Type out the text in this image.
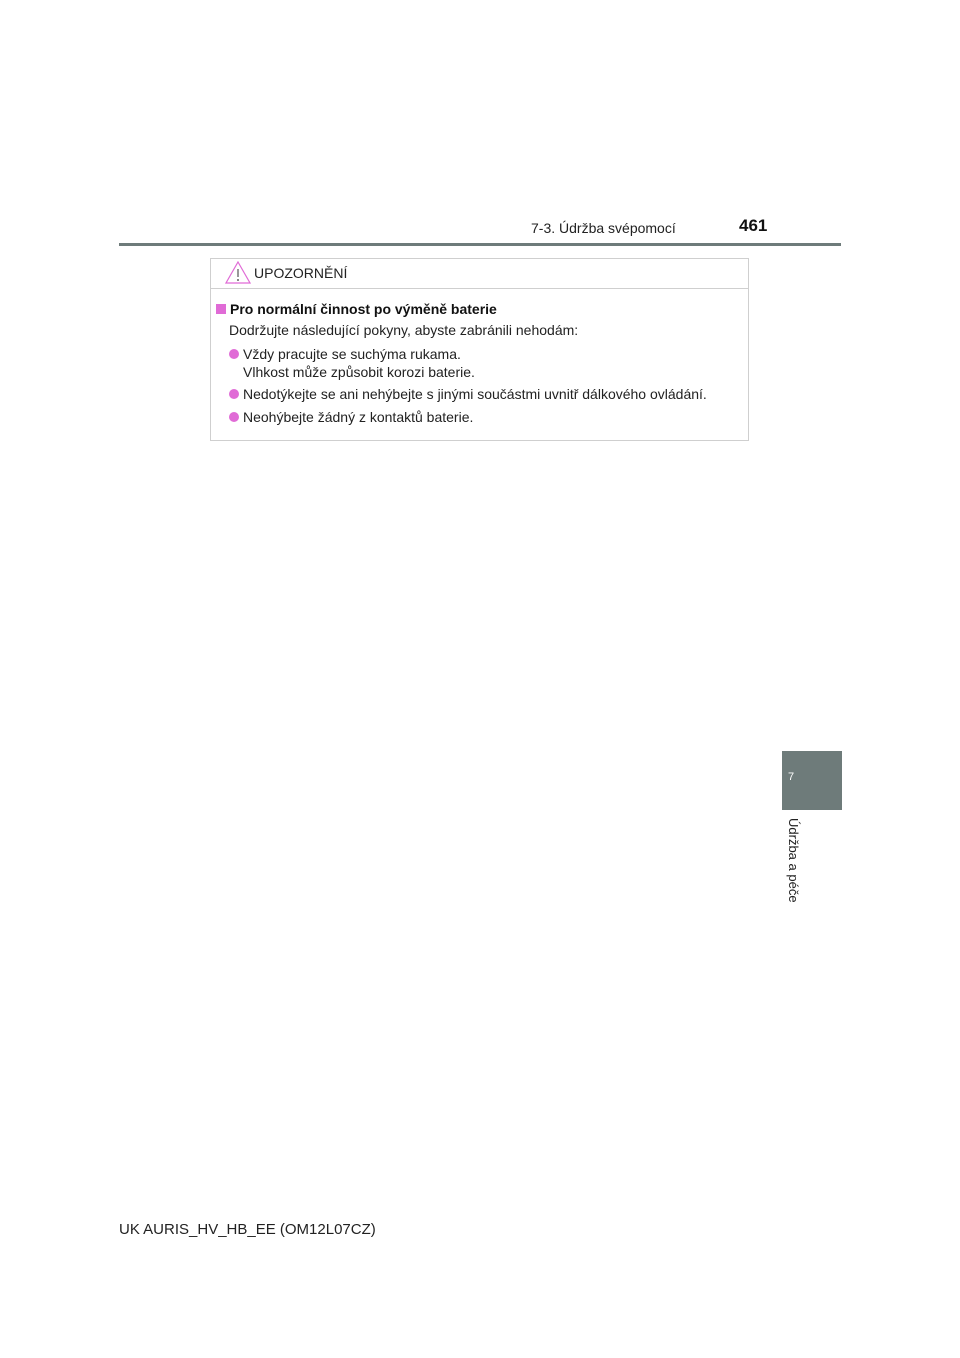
7-3. Údržba svépomocí	461
UPOZORNĚNÍ
Pro normální činnost po výměně baterie
Dodržujte následující pokyny, abyste zabránili nehodám:
Vždy pracujte se suchýma rukama.
Vlhkost může způsobit korozi baterie.
Nedotýkejte se ani nehýbejte s jinými součástmi uvnitř dálkového ovládání.
Neohýbejte žádný z kontaktů baterie.
7
Údržba a péče
UK AURIS_HV_HB_EE (OM12L07CZ)
